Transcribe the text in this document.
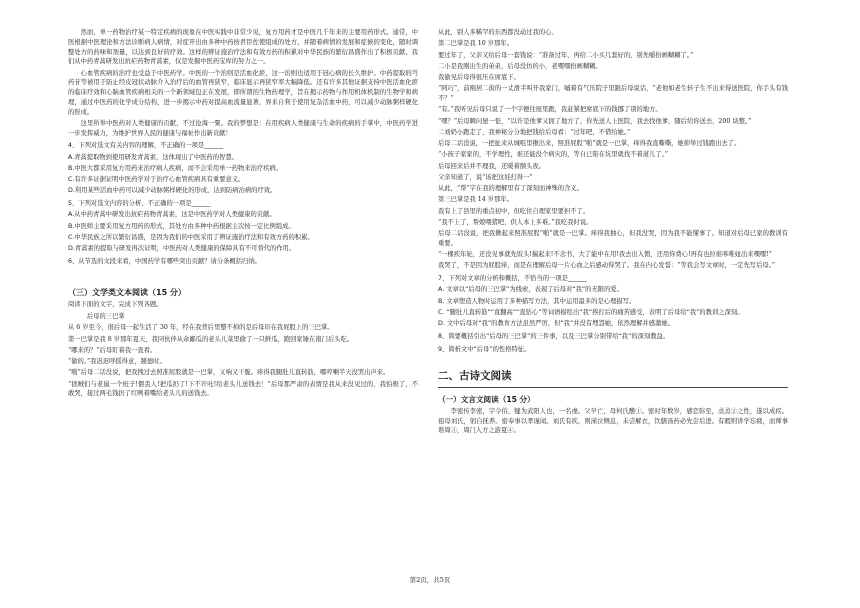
然而，单一药物治疗某一特定疾病的现象在中医实践中非常少见，复方用药才是中医几千年来的主要用药形式。通常，中医根据中医理论和方法诊断病人病情，对症开出由多种中药按君臣佐使组成的处方，并随着病情的发展和症候的变化，随时调整处方的药味和剂量，以达到良好的疗效。这样的辨证施治疗法和有效方药的积累对中华民族的繁衍昌盛作出了积极贡献。我们从中药青蒿研发出抗疟药物青蒿素，仅是发掘中医药宝库的努力之一。

心血管疾病的治疗也受益于中医药学。中医的一个治则是活血化瘀，这一治则也适用于冠心病的长久维护。中药提取的芎药苷等被用于防止经皮冠状动脉介入治疗后的血管再狭窄，临床显示再狭窄率大幅降低。还有许多其他证据支持中医活血化瘀的临床疗效和心脑血管疾病相关的一个新领域包正在发展，即所谓的生物药理学，旨在揭示药物与作用机体机制的生物学和病理，通过中医药的化学成分结构，进一步揭示中药对提高血流量显著，界来自利于使用复杂活血中药，可以减少动脉粥样硬化的形成。

这里所举中医药对人类健康的贡献，不过沧海一粟。我的梦想是：在用疾病人类健康与生命的疾病的手掌中，中医药学进一步发挥威力，为维护世界人民的健康与福祉作出新贡献！

4、下列对选文有关内容的理解，不正确的一项是______

A.青蒿提取物到使用研发青蒿素，这体现出了中医药的智慧。

B.中医大都采用复方用药来治疗病人疾病，而不会采用单一药物来治疗疾病。

C.有许多证据证明中医药学对于治疗心血管疾病具有重要意义。

D.利用某些活血中药可以减少动脉粥样硬化的形成，达到防病治病的疗效。

5、下列对选文内容的分析，不正确的一项是______

A.从中药青蒿中研发出抗疟药物青蒿素，这是中医药学对人类健康的贡献。

B.中医师主要采用复方用药的形式，其处方由多种中药根据主次按一定比例组成。

C.中华民族之所以繁衍昌盛，是因为我们的中医采用了辨证施治疗法和有效方药的积累。

D.青蒿素的提取与研发再次证明，中医药对人类健康的保障具有不可替代的作用。

6、从节选的文段来看，中国药学有哪些突出贡献？请分条概括归纳。

（三）文学类文本阅读（15 分）

阅读下面的文字，完成下列各题。

后母的三巴掌

从 6 岁至今，很后母一起生活了 30 年，经在我背后里整不掉的是后母印在我屁股上的三巴掌。

第一巴掌是我 8 岁那年夏天，我同伙伴从余鄙瓜的老头儿菜里偷了一只鲜瓜，跑回家锤在南门后头吃。

“哪来的？”后母盯着我一直看。

“偷的。”我迟迟呼摇得意，翘德时。

“啪”后母二话没说，把我拽过去照准屁股就是一巴掌，又响又干脆。痒得我腿肚儿直转筋，哪哼喇半天没哭出声来。

“拙贼们与老鼠一个班子!偎丢人!把瓜扔了!下不许吐!给老头儿送钱去！”后母那严肃的表情是我从来没见过的，我怕极了，不敢哭，接过两毛钱扔了红咧着嘴给老头儿的送钱去。

从此，别人多稀罕的东西都没动过我的心。

第二巴掌是我 10 岁那年。

要过年了，父亲又给后母一套钱说：“准备过年，再给二小买几套好的，别先嚼扮画糊糊了。”

二小是我刚出生的弟弟，后母没仿的小，老嘿嘿扮画糊糊。

我偷见后母得很压在席底下。

“阿巧”，前刚居二街的一丈滑半叫开我家门，嘁着有气压院子里跟后母说话，“老他如老生转子生不出来得送医院，你手头有钱不？”

“有。”我听见后母只说了一个字便往屋里跑，我赶紧把席底下的钱挪了别的地方。

“嘿？”后母瞬问屋一怔，“以许是他爹又拥了地方了，你先送人上医院，我去找他爹，随后给你送去，200 块整。”

二刘奶小跑走了，我神秘分分地把钱给后母看：“过年吧，不借给她。”

后母二话没说，一把扯来从城咀里揪出来，照准屁股“啪”就是一巴掌，痒得我直嘶嘶，她抑举过钱跑出去了。

“小孩子家家的，不学理性，谁还能没个病灾的，等自已陷在坑里就找不着道儿了。”

后母回来后并不理我，还暖着额头夜。

父亲知道了，说“该把这娃打得一”

从此，“帮”字在我的理解里有了深刻而神殊的含义。

第三巴掌是我 14 岁那年。

我有上了县里的重点初中，但吃住自理家里要担不了。

“我不上了，帮娘喂猪吧，供人本上多难。”我吃我时说。

后母二话没说，把我揪起来照准屁股“啪”就是一巴掌。痒得我抽心，但我没哭，因为我不能懂事了。知道对后母已家的教训有重要。

“一棵疾年轮，还没见事就先饭头!揣起来!不念书，大了能中在用!我去出入佣，还用你费心!再有也拉谁哆唯妞出来嘿嘿!”

我哭了，不是因为屁股痒，而是在理解后母一片心血之后感动得哭了。我在内心发誓：“等我会写文章时，一定先写后母。”

7、下列对文章的分析和概括，不恰当的一项是______

A. 文章以“后母的三巴掌”为线索，表现了后母对“我”的无限的爱。

B. 文章塑造人物时运用了多种描写方法，其中运用最多的是心理描写。

C. “腿肚儿直转筋”“直翻高”“直钻心”等词语描绘出“我”挨打后的痛苦感受，表明了后母给“我”的教训之深刻。

D. 文中后母对“我”的教育方法虽然严厉，但“我”并没有埋怨她，依然理解并感激她。

8、简要概括引出“后母的三巴掌”的三件事，以及三巴掌分别带给“我”的深刻教益。

9、简析文中“后母”的性格特征。

二、古诗文阅读

（一）文言文阅读（15 分）

李密传李密，字令伯，犍为武阳人也，一名虔。父早亡，母何氏醮①。密时年数岁，感恋弥至，烝烝②之性，遂以成疾。祖母刘氏，躬自抚养。密奉事以孝谨闻。刘氏有疾，则涕泣侧息，未尝解衣，饮膳汤药必先尝后进。有暇则讲学忘疲，而师事谯周③，周门人方之游夏④。

第2页，共5页
